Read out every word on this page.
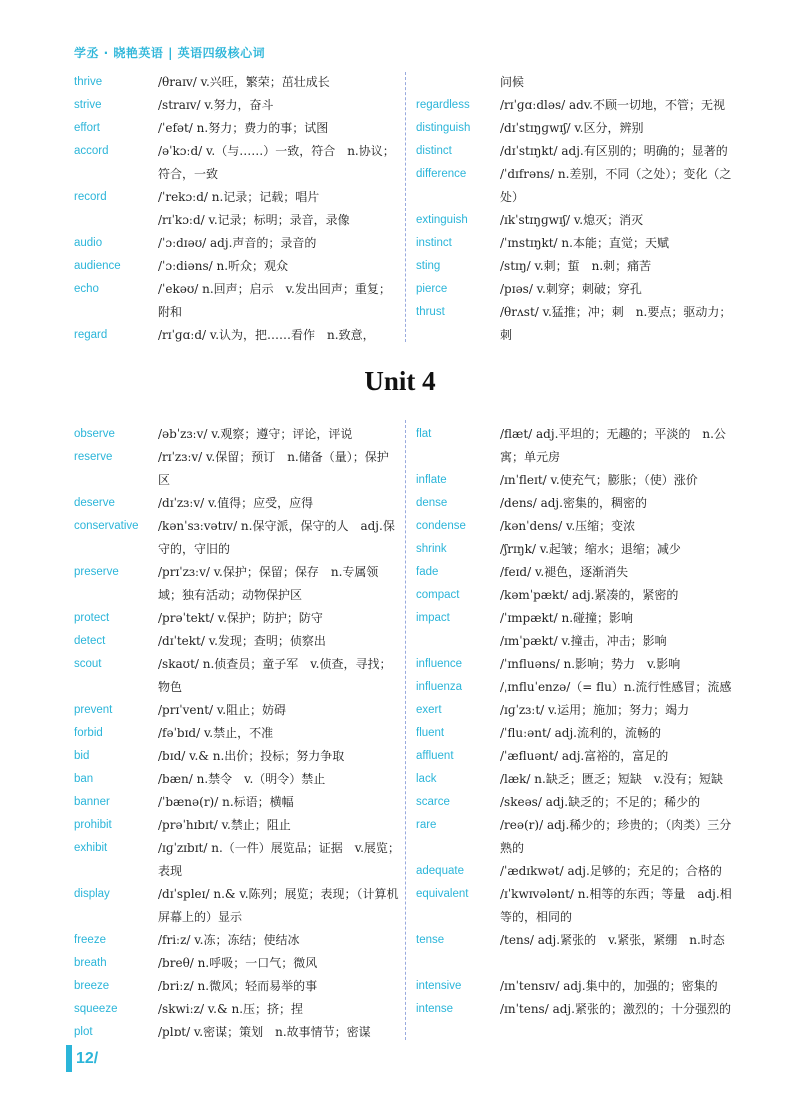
学丞 · 晓艳英语 | 英语四级核心词
thrive	/θraɪv/ v.兴旺，繁荣；茁壮成长
strive	/straɪv/ v.努力，奋斗
effort	/ˈefət/ n.努力；费力的事；试图
accord	/əˈkɔːd/ v.（与……）一致，符合　n.协议；符合，一致
record	/ˈrekɔːd/ n.记录；记载；唱片
/rɪˈkɔːd/ v.记录；标明；录音，录像
audio	/ˈɔːdɪəʊ/ adj.声音的；录音的
audience	/ˈɔːdiəns/ n.听众；观众
echo	/ˈekəʊ/ n.回声；启示　v.发出回声；重复；附和
regard	/rɪˈɡɑːd/ v.认为，把……看作　n.致意，
问候
regardless	/rɪˈɡɑːdləs/ adv.不顾一切地，不管；无视
distinguish /dɪˈstɪŋɡwɪʃ/ v.区分，辨别
distinct	/dɪˈstɪŋkt/ adj.有区别的；明确的；显著的
difference	/ˈdɪfrəns/ n.差别，不同（之处）；变化（之处）
extinguish	/ɪkˈstɪŋɡwɪʃ/ v.熄灭；消灭
instinct	/ˈɪnstɪŋkt/ n.本能；直觉；天赋
sting	/stɪŋ/ v.刺；蜇　n.刺；痛苦
pierce	/pɪəs/ v.刺穿；刺破；穿孔
thrust	/θrʌst/ v.猛推；冲；刺　n.要点；驱动力；刺
Unit 4
observe	/əbˈzɜːv/ v.观察；遵守；评论，评说
reserve	/rɪˈzɜːv/ v.保留；预订　n.储备（量）；保护区
deserve	/dɪˈzɜːv/ v.值得；应受，应得
conservative /kənˈsɜːvətɪv/ n.保守派，保守的人　adj.保守的，守旧的
preserve	/prɪˈzɜːv/ v.保护；保留；保存　n.专属领域；独有活动；动物保护区
protect	/prəˈtekt/ v.保护；防护；防守
detect	/dɪˈtekt/ v.发现；查明；侦察出
scout	/skaʊt/ n.侦查员；童子军　v.侦查，寻找；物色
prevent	/prɪˈvent/ v.阻止；妨碍
forbid	/fəˈbɪd/ v.禁止，不准
bid	/bɪd/ v.& n.出价；投标；努力争取
ban	/bæn/ n.禁令　v.（明令）禁止
banner	/ˈbænə(r)/ n.标语；横幅
prohibit	/prəˈhɪbɪt/ v.禁止；阻止
exhibit	/ɪɡˈzɪbɪt/ n.（一件）展览品；证据　v.展览；表现
display	/dɪˈspleɪ/ n.& v.陈列；展览；表现；（计算机屏幕上的）显示
freeze	/friːz/ v.冻；冻结；使结冰
breath	/breθ/ n.呼吸；一口气；微风
breeze	/briːz/ n.微风；轻而易举的事
squeeze	/skwiːz/ v.& n.压；挤；捏
plot	/plɒt/ v.密谋；策划　n.故事情节；密谋
flat	/flæt/ adj.平坦的；无趣的；平淡的　n.公寓；单元房
inflate	/ɪnˈfleɪt/ v.使充气；膨胀；（使）涨价
dense	/dens/ adj.密集的，稠密的
condense	/kənˈdens/ v.压缩；变浓
shrink	/ʃrɪŋk/ v.起皱；缩水；退缩；减少
fade	/feɪd/ v.褪色，逐渐消失
compact	/kəmˈpækt/ adj.紧凑的，紧密的
impact	/ˈɪmpækt/ n.碰撞；影响
/ɪmˈpækt/ v.撞击，冲击；影响
influence	/ˈɪnfluəns/ n.影响；势力　v.影响
influenza	/ˌɪnfluˈenzə/（= flu）n.流行性感冒；流感
exert	/ɪɡˈzɜːt/ v.运用；施加；努力；竭力
fluent	/ˈfluːənt/ adj.流利的，流畅的
affluent	/ˈæfluənt/ adj.富裕的，富足的
lack	/læk/ n.缺乏；匮乏；短缺　v.没有；短缺
scarce	/skeəs/ adj.缺乏的；不足的；稀少的
rare	/reə(r)/ adj.稀少的；珍贵的；（肉类）三分熟的
adequate	/ˈædɪkwət/ adj.足够的；充足的；合格的
equivalent	/ɪˈkwɪvələnt/ n.相等的东西；等量　adj.相等的，相同的
tense	/tens/ adj.紧张的　v.紧张，紧绷　n.时态
intensive	/ɪnˈtensɪv/ adj.集中的，加强的；密集的
intense	/ɪnˈtens/ adj.紧张的；激烈的；十分强烈的
12/
